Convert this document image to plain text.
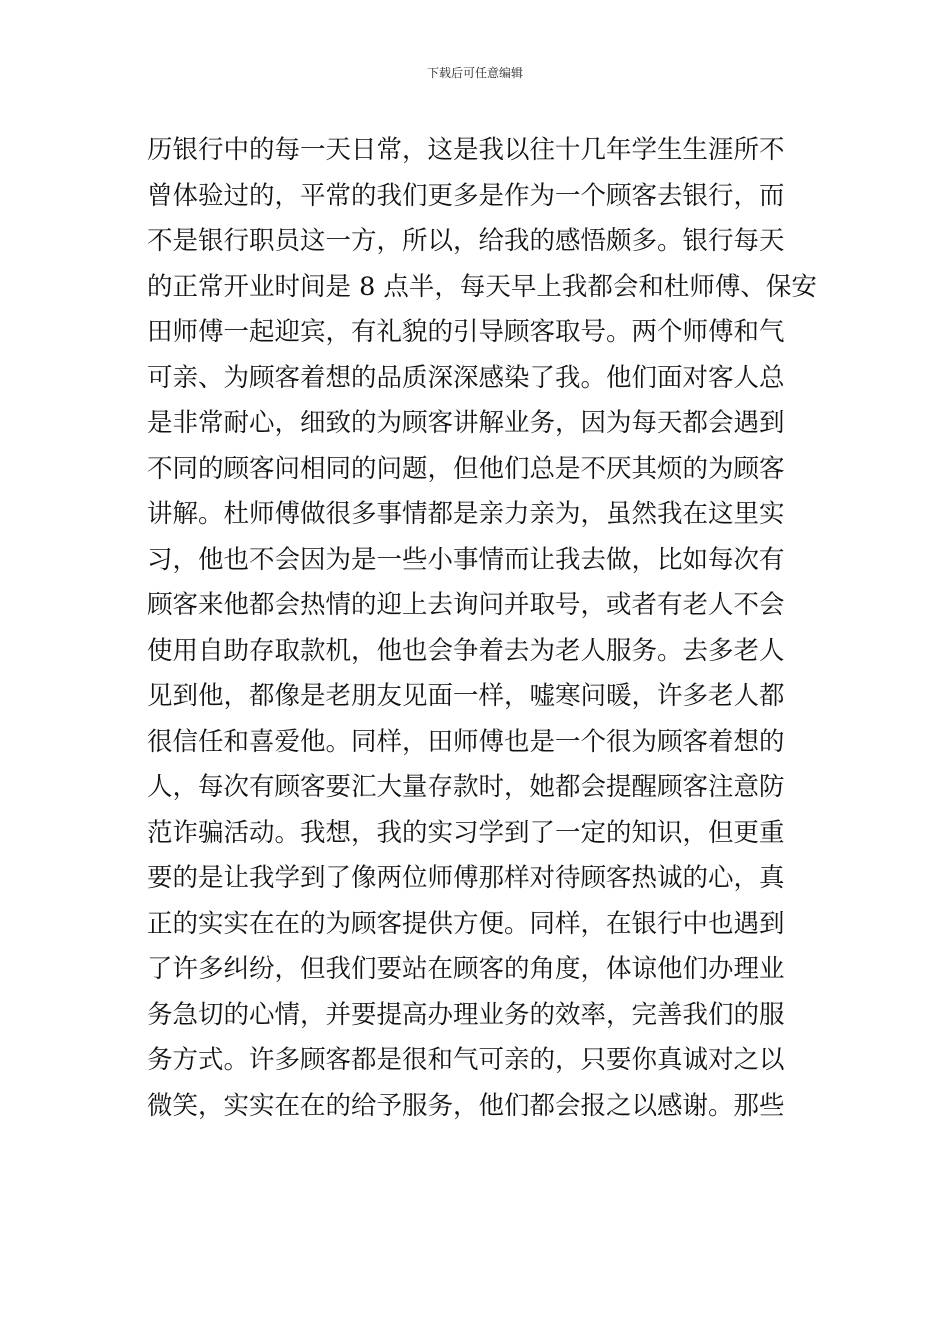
下载后可任意编辑
历银行中的每一天日常，这是我以往十几年学生生涯所不
曾体验过的，平常的我们更多是作为一个顾客去银行，而
不是银行职员这一方，所以，给我的感悟颇多。银行每天
的正常开业时间是 8 点半，每天早上我都会和杜师傅、保安
田师傅一起迎宾，有礼貌的引导顾客取号。两个师傅和气
可亲、为顾客着想的品质深深感染了我。他们面对客人总
是非常耐心，细致的为顾客讲解业务，因为每天都会遇到
不同的顾客问相同的问题，但他们总是不厌其烦的为顾客
讲解。杜师傅做很多事情都是亲力亲为，虽然我在这里实
习，他也不会因为是一些小事情而让我去做，比如每次有
顾客来他都会热情的迎上去询问并取号，或者有老人不会
使用自助存取款机，他也会争着去为老人服务。去多老人
见到他，都像是老朋友见面一样，嘘寒问暖，许多老人都
很信任和喜爱他。同样，田师傅也是一个很为顾客着想的
人，每次有顾客要汇大量存款时，她都会提醒顾客注意防
范诈骗活动。我想，我的实习学到了一定的知识，但更重
要的是让我学到了像两位师傅那样对待顾客热诚的心，真
正的实实在在的为顾客提供方便。同样，在银行中也遇到
了许多纠纷，但我们要站在顾客的角度，体谅他们办理业
务急切的心情，并要提高办理业务的效率，完善我们的服
务方式。许多顾客都是很和气可亲的，只要你真诚对之以
微笑，实实在在的给予服务，他们都会报之以感谢。那些
